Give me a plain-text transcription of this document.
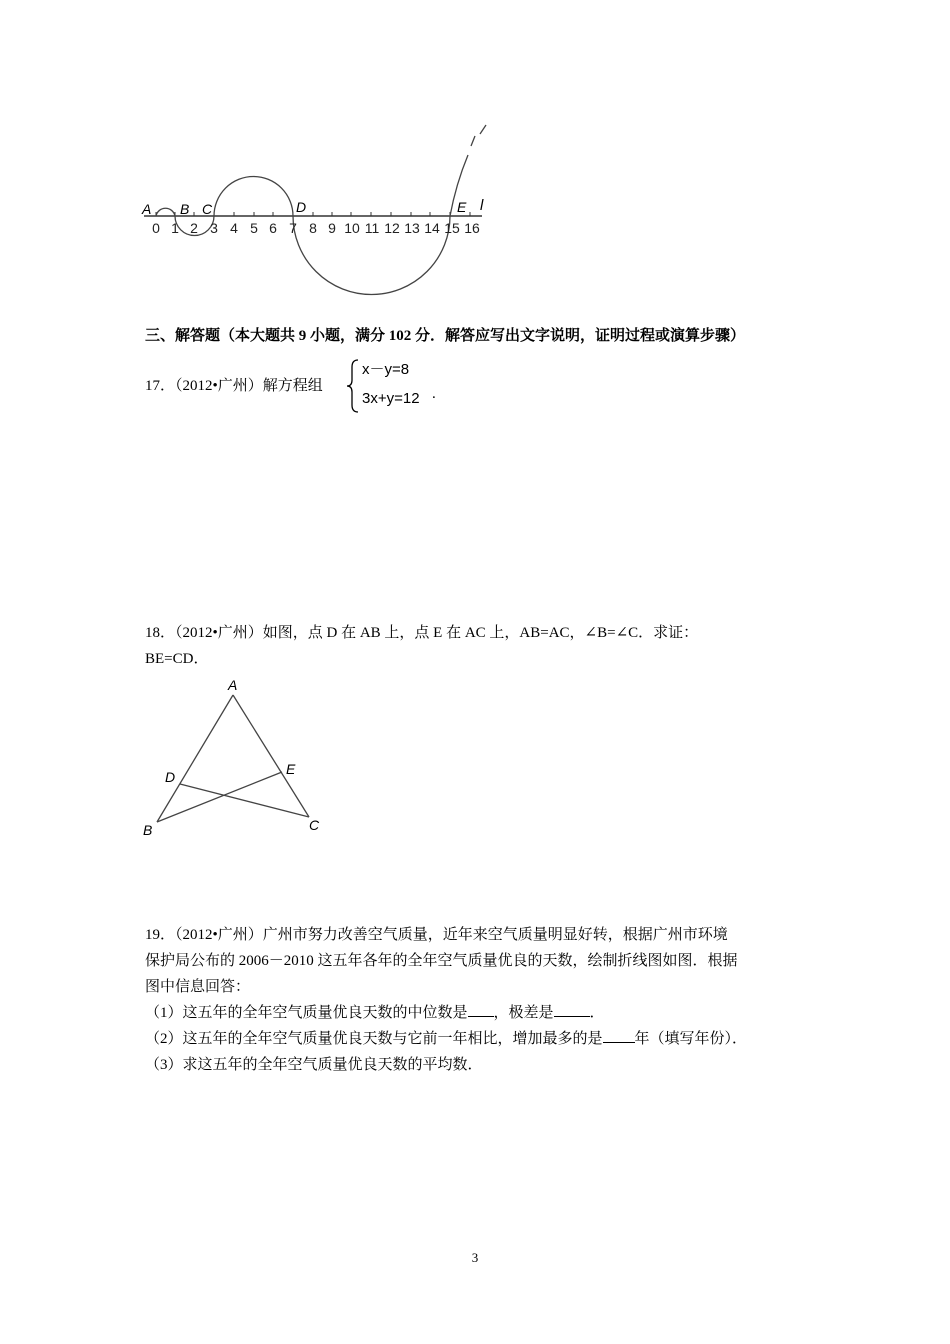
A B C	D	E l
0 1 2 3 4 5 6 7 8 9 10 11 12 13 14 15 16
三、解答题（本大题共 9 小题，满分 102 分．解答应写出文字说明，证明过程或演算步骤）
17．（2012•广州）解方程组
x－y=8
3x+y=12 .
18．（2012•广州）如图，点 D 在 AB 上，点 E 在 AC 上，AB=AC，∠B=∠C．求证：
BE=CD．
A
D	E
B	C
19．（2012•广州）广州市努力改善空气质量，近年来空气质量明显好转，根据广州市环境
保护局公布的 2006－2010 这五年各年的全年空气质量优良的天数，绘制折线图如图．根据
图中信息回答：
（1）这五年的全年空气质量优良天数的中位数是 ，极差是 ．
（2）这五年的全年空气质量优良天数与它前一年相比，增加最多的是 年（填写年份）．
（3）求这五年的全年空气质量优良天数的平均数．
3
